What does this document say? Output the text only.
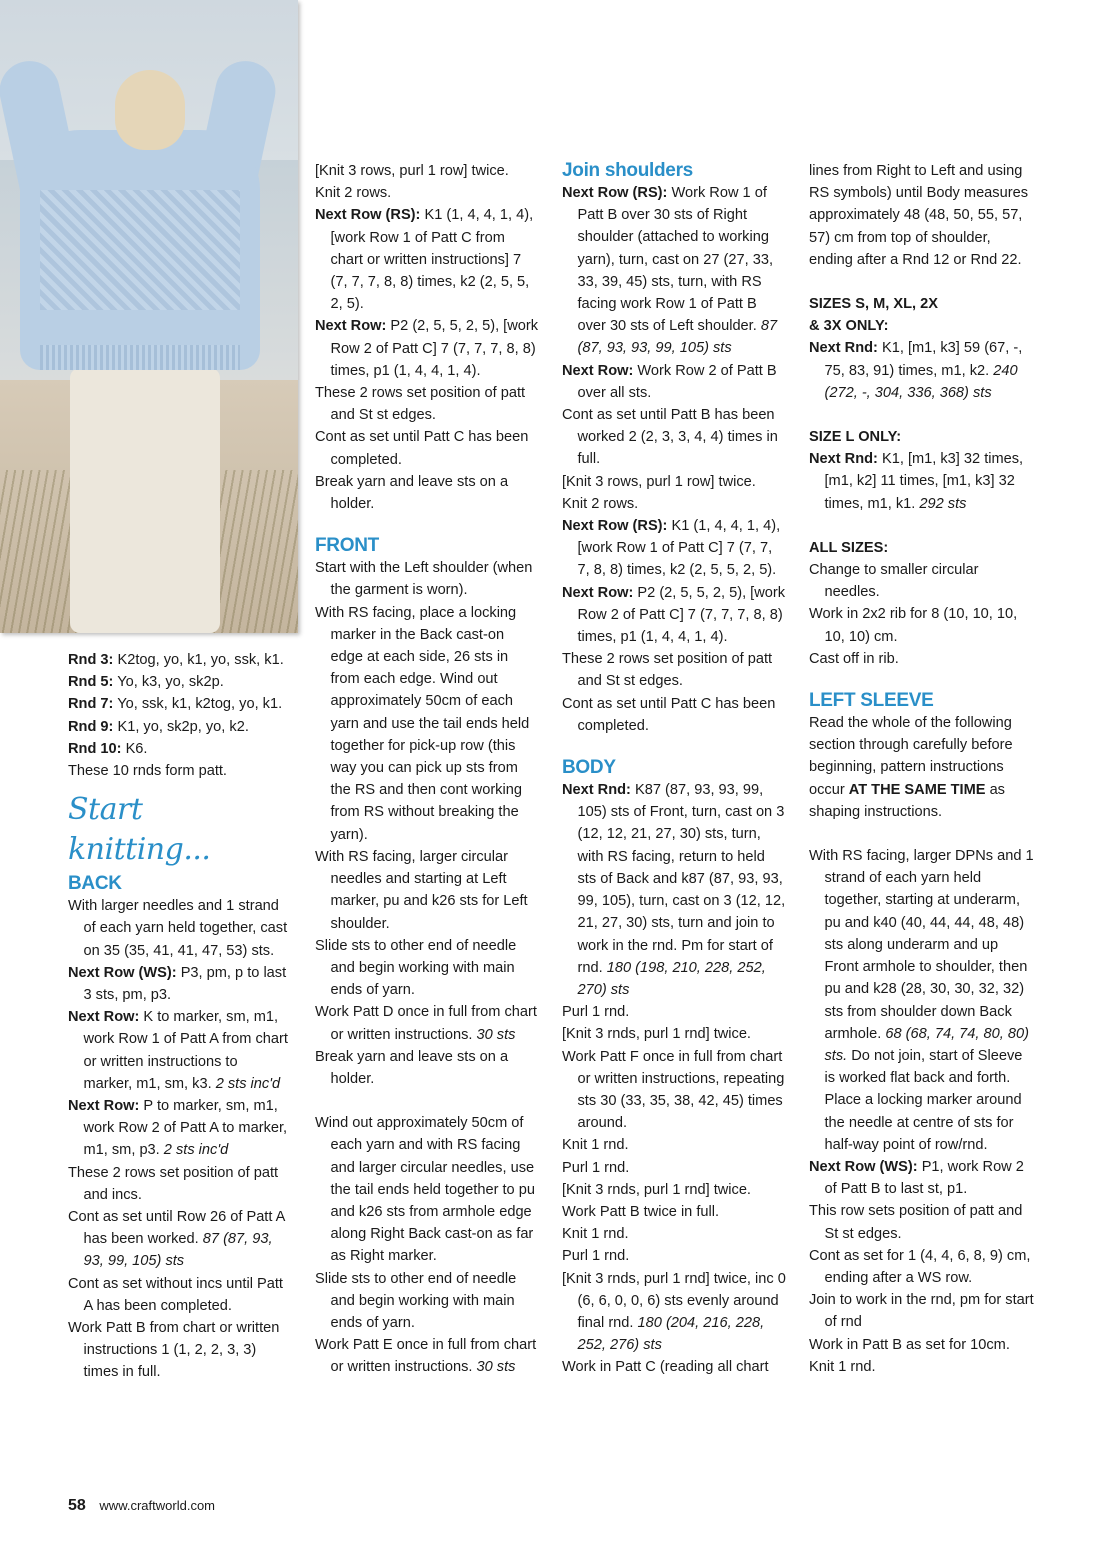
Rnd 3: K2tog, yo, k1, yo, ssk, k1.

Rnd 5: Yo, k3, yo, sk2p.

Rnd 7: Yo, ssk, k1, k2tog, yo, k1.

Rnd 9: K1, yo, sk2p, yo, k2.

Rnd 10: K6.

These 10 rnds form patt.

Start knitting...

BACK

With larger needles and 1 strand of each yarn held together, cast on 35 (35, 41, 41, 47, 53) sts.

Next Row (WS): P3, pm, p to last 3 sts, pm, p3.

Next Row: K to marker, sm, m1, work Row 1 of Patt A from chart or written instructions to marker, m1, sm, k3. 2 sts inc'd

Next Row: P to marker, sm, m1, work Row 2 of Patt A to marker, m1, sm, p3. 2 sts inc'd

These 2 rows set position of patt and incs.

Cont as set until Row 26 of Patt A has been worked. 87 (87, 93, 93, 99, 105) sts

Cont as set without incs until Patt A has been completed.

Work Patt B from chart or written instructions 1 (1, 2, 2, 3, 3) times in full.

[Knit 3 rows, purl 1 row] twice.

Knit 2 rows.

Next Row (RS): K1 (1, 4, 4, 1, 4), [work Row 1 of Patt C from chart or written instructions] 7 (7, 7, 7, 8, 8) times, k2 (2, 5, 5, 2, 5).

Next Row: P2 (2, 5, 5, 2, 5), [work Row 2 of Patt C] 7 (7, 7, 7, 8, 8) times, p1 (1, 4, 4, 1, 4).

These 2 rows set position of patt and St st edges.

Cont as set until Patt C has been completed.

Break yarn and leave sts on a holder.

FRONT

Start with the Left shoulder (when the garment is worn).

With RS facing, place a locking marker in the Back cast-on edge at each side, 26 sts in from each edge. Wind out approximately 50cm of each yarn and use the tail ends held together for pick-up row (this way you can pick up sts from the RS and then cont working from RS without breaking the yarn).

With RS facing, larger circular needles and starting at Left marker, pu and k26 sts for Left shoulder.

Slide sts to other end of needle and begin working with main ends of yarn.

Work Patt D once in full from chart or written instructions. 30 sts

Break yarn and leave sts on a holder.

Wind out approximately 50cm of each yarn and with RS facing and larger circular needles, use the tail ends held together to pu and k26 sts from armhole edge along Right Back cast-on as far as Right marker.

Slide sts to other end of needle and begin working with main ends of yarn.

Work Patt E once in full from chart or written instructions. 30 sts

Join shoulders

Next Row (RS): Work Row 1 of Patt B over 30 sts of Right shoulder (attached to working yarn), turn, cast on 27 (27, 33, 33, 39, 45) sts, turn, with RS facing work Row 1 of Patt B over 30 sts of Left shoulder. 87 (87, 93, 93, 99, 105) sts

Next Row: Work Row 2 of Patt B over all sts.

Cont as set until Patt B has been worked 2 (2, 3, 3, 4, 4) times in full.

[Knit 3 rows, purl 1 row] twice.

Knit 2 rows.

Next Row (RS): K1 (1, 4, 4, 1, 4), [work Row 1 of Patt C] 7 (7, 7, 7, 8, 8) times, k2 (2, 5, 5, 2, 5).

Next Row: P2 (2, 5, 5, 2, 5), [work Row 2 of Patt C] 7 (7, 7, 7, 8, 8) times, p1 (1, 4, 4, 1, 4).

These 2 rows set position of patt and St st edges.

Cont as set until Patt C has been completed.

BODY

Next Rnd: K87 (87, 93, 93, 99, 105) sts of Front, turn, cast on 3 (12, 12, 21, 27, 30) sts, turn, with RS facing, return to held sts of Back and k87 (87, 93, 93, 99, 105), turn, cast on 3 (12, 12, 21, 27, 30) sts, turn and join to work in the rnd. Pm for start of rnd. 180 (198, 210, 228, 252, 270) sts

Purl 1 rnd.

[Knit 3 rnds, purl 1 rnd] twice.

Work Patt F once in full from chart or written instructions, repeating sts 30 (33, 35, 38, 42, 45) times around.

Knit 1 rnd.

Purl 1 rnd.

[Knit 3 rnds, purl 1 rnd] twice.

Work Patt B twice in full.

Knit 1 rnd.

Purl 1 rnd.

[Knit 3 rnds, purl 1 rnd] twice, inc 0 (6, 6, 0, 0, 6) sts evenly around final rnd. 180 (204, 216, 228, 252, 276) sts

Work in Patt C (reading all chart

lines from Right to Left and using RS symbols) until Body measures approximately 48 (48, 50, 55, 57, 57) cm from top of shoulder, ending after a Rnd 12 or Rnd 22.

SIZES S, M, XL, 2X

& 3X ONLY:

Next Rnd: K1, [m1, k3] 59 (67, -, 75, 83, 91) times, m1, k2. 240 (272, -, 304, 336, 368) sts

SIZE L ONLY:

Next Rnd: K1, [m1, k3] 32 times, [m1, k2] 11 times, [m1, k3] 32 times, m1, k1. 292 sts

ALL SIZES:

Change to smaller circular needles.

Work in 2x2 rib for 8 (10, 10, 10, 10, 10) cm.

Cast off in rib.

LEFT SLEEVE

Read the whole of the following section through carefully before beginning, pattern instructions occur AT THE SAME TIME as shaping instructions.

With RS facing, larger DPNs and 1 strand of each yarn held together, starting at underarm, pu and k40 (40, 44, 44, 48, 48) sts along underarm and up Front armhole to shoulder, then pu and k28 (28, 30, 30, 32, 32) sts from shoulder down Back armhole. 68 (68, 74, 74, 80, 80) sts. Do not join, start of Sleeve is worked flat back and forth. Place a locking marker around the needle at centre of sts for half-way point of row/rnd.

Next Row (WS): P1, work Row 2 of Patt B to last st, p1.

This row sets position of patt and St st edges.

Cont as set for 1 (4, 4, 6, 8, 9) cm, ending after a WS row.

Join to work in the rnd, pm for start of rnd

Work in Patt B as set for 10cm.

Knit 1 rnd.

58 www.craftworld.com
